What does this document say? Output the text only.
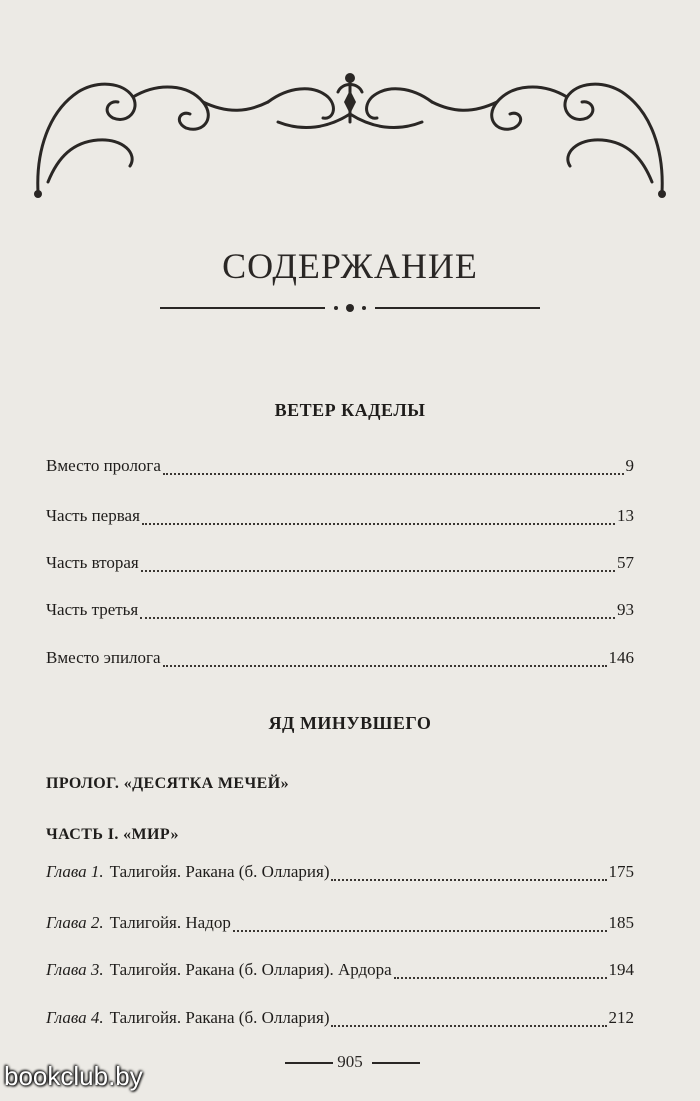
СОДЕРЖАНИЕ
ВЕТЕР КАДЕЛЫ
Вместо пролога	9
Часть первая	13
Часть вторая	57
Часть третья	93
Вместо эпилога	146
ЯД МИНУВШЕГО
ПРОЛОГ. «ДЕСЯТКА МЕЧЕЙ»
ЧАСТЬ I. «МИР»
Глава 1. Талигойя. Ракана (б. Оллария)	175
Глава 2. Талигойя. Надор	185
Глава 3. Талигойя. Ракана (б. Оллария). Ардора	194
Глава 4. Талигойя. Ракана (б. Оллария)	212
905
bookclub.by
